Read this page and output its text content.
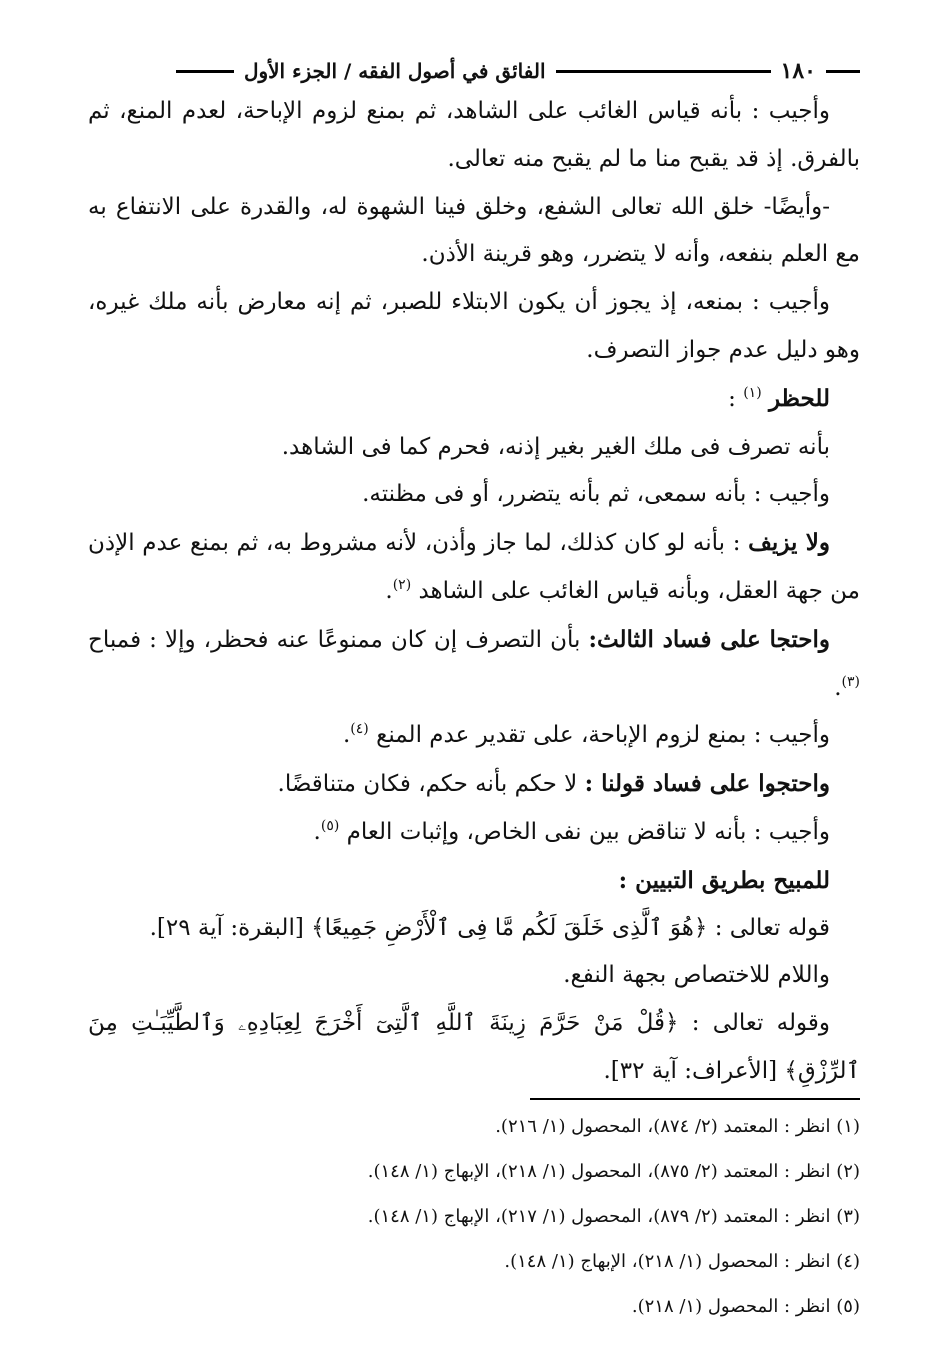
١٨٠
الفائق في أصول الفقه / الجزء الأول

وأجيب : بأنه قياس الغائب على الشاهد، ثم بمنع لزوم الإباحة، لعدم المنع، ثم بالفرق. إذ قد يقبح منا ما لم يقبح منه تعالى.

-وأيضًا- خلق الله تعالى الشفع، وخلق فينا الشهوة له، والقدرة على الانتفاع به مع العلم بنفعه، وأنه لا يتضرر، وهو قرينة الأذن.

وأجيب : بمنعه، إذ يجوز أن يكون الابتلاء للصبر، ثم إنه معارض بأنه ملك غيره، وهو دليل عدم جواز التصرف.

للحظر $^{(١)}$ :

بأنه تصرف فى ملك الغير بغير إذنه، فحرم كما فى الشاهد.

وأجيب : بأنه سمعى، ثم بأنه يتضرر، أو فى مظنته.

ولا يزيف : بأنه لو كان كذلك، لما جاز وأذن، لأنه مشروط به، ثم بمنع عدم الإذن من جهة العقل، وبأنه قياس الغائب على الشاهد $^{(٢)}$.

واحتجا على فساد الثالث: بأن التصرف إن كان ممنوعًا عنه فحظر، وإلا : فمباح $^{(٣)}$.

وأجيب : بمنع لزوم الإباحة، على تقدير عدم المنع $^{(٤)}$.

واحتجوا على فساد قولنا : لا حكم بأنه حكم، فكان متناقضًا.

وأجيب : بأنه لا تناقض بين نفى الخاص، وإثبات العام $^{(٥)}$.

للمبيح بطريق التبيين :

قوله تعالى : ﴿هُوَ ٱلَّذِى خَلَقَ لَكُم مَّا فِى ٱلْأَرْضِ جَمِيعًا﴾ [البقرة: آية ٢٩].

واللام للاختصاص بجهة النفع.

وقوله تعالى : ﴿قُلْ مَنْ حَرَّمَ زِينَةَ ٱللَّهِ ٱلَّتِىٓ أَخْرَجَ لِعِبَادِهِۦ وَٱلطَّيِّبَـٰتِ مِنَ ٱلرِّزْقِ﴾ [الأعراف: آية ٣٢].

(١) انظر : المعتمد (٢/ ٨٧٤)، المحصول (١/ ٢١٦).

(٢) انظر : المعتمد (٢/ ٨٧٥)، المحصول (١/ ٢١٨)، الإبهاج (١/ ١٤٨).

(٣) انظر : المعتمد (٢/ ٨٧٩)، المحصول (١/ ٢١٧)، الإبهاج (١/ ١٤٨).

(٤) انظر : المحصول (١/ ٢١٨)، الإبهاج (١/ ١٤٨).

(٥) انظر : المحصول (١/ ٢١٨).
